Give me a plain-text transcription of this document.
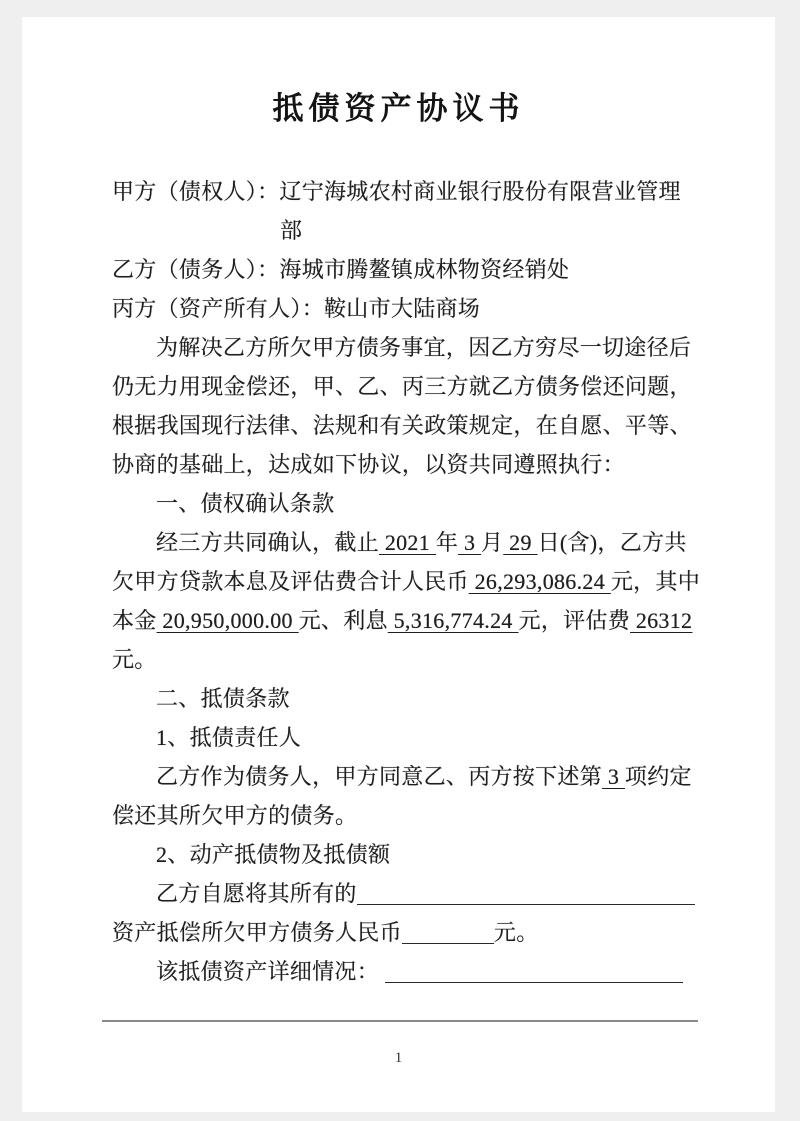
抵债资产协议书
甲方（债权人）：辽宁海城农村商业银行股份有限营业管理
部
乙方（债务人）：海城市腾鳌镇成林物资经销处
丙方（资产所有人）：鞍山市大陆商场
为解决乙方所欠甲方债务事宜，因乙方穷尽一切途径后
仍无力用现金偿还，甲、乙、丙三方就乙方债务偿还问题，
根据我国现行法律、法规和有关政策规定，在自愿、平等、
协商的基础上，达成如下协议，以资共同遵照执行：
一、债权确认条款
经三方共同确认，截止 2021 年 3 月 29 日(含)，乙方共
欠甲方贷款本息及评估费合计人民币 26,293,086.24 元，其中
本金 20,950,000.00 元、利息 5,316,774.24 元，评估费 26312
元。
二、抵债条款
1、抵债责任人
乙方作为债务人，甲方同意乙、丙方按下述第 3 项约定
偿还其所欠甲方的债务。
2、动产抵债物及抵债额
乙方自愿将其所有的
资产抵偿所欠甲方债务人民币	元。
该抵债资产详细情况：
1
